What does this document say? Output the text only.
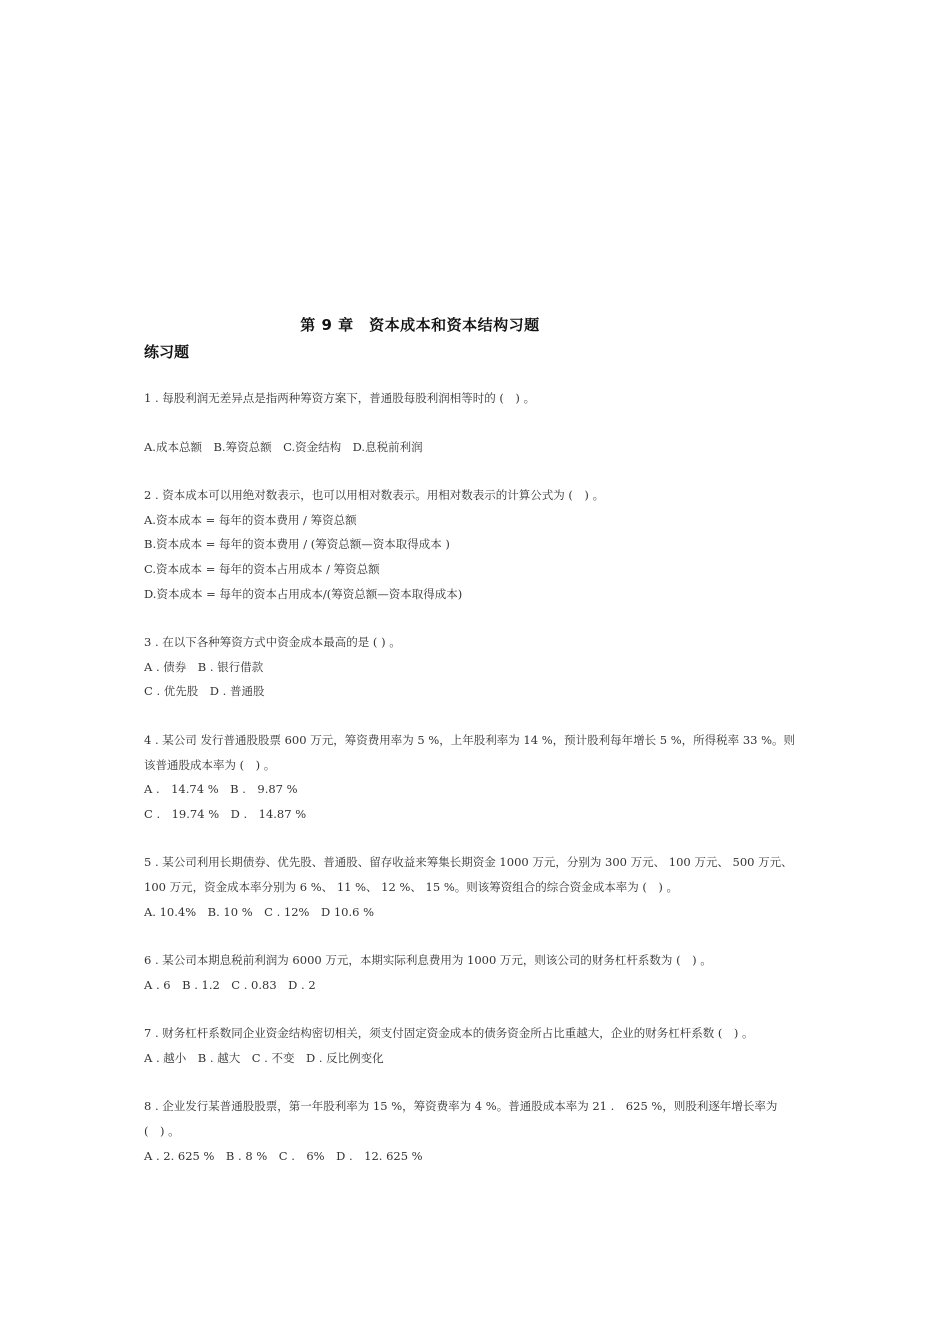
第 9 章　资本成本和资本结构习题
练习题
1 . 每股利润无差异点是指两种筹资方案下，普通股每股利润相等时的 (　) 。
A.成本总额　B.筹资总额　C.资金结构　D.息税前利润
2 . 资本成本可以用绝对数表示，也可以用相对数表示。用相对数表示的计算公式为 (　) 。
A.资本成本 = 每年的资本费用 / 筹资总额
B.资本成本 = 每年的资本费用 / (筹资总额—资本取得成本 )
C.资本成本 = 每年的资本占用成本 / 筹资总额
D.资本成本 = 每年的资本占用成本/(筹资总额—资本取得成本)
3 . 在以下各种筹资方式中资金成本最高的是 ( ) 。
A . 债券　B . 银行借款
C . 优先股　D . 普通股
4 . 某公司 发行普通股股票 600 万元，筹资费用率为 5 %，上年股利率为 14 %，预计股利每年增长 5 %，所得税率 33 %。则该普通股成本率为 (　) 。
A .　14.74 %　B .　9.87 %
C .　19.74 %　D .　14.87 %
5 . 某公司利用长期债券、优先股、普通股、留存收益来筹集长期资金 1000 万元，分别为 300 万元、 100 万元、 500 万元、 100 万元，资金成本率分别为 6 %、 11 %、 12 %、 15 %。则该筹资组合的综合资金成本率为 (　) 。
A. 10.4%　B. 10 %　C . 12%　D 10.6 %
6 . 某公司本期息税前利润为 6000 万元，本期实际利息费用为 1000 万元，则该公司的财务杠杆系数为 (　) 。
A . 6　B . 1.2　C . 0.83　D . 2
7 . 财务杠杆系数同企业资金结构密切相关，须支付固定资金成本的债务资金所占比重越大，企业的财务杠杆系数 (　) 。
A . 越小　B . 越大　C . 不变　D . 反比例变化
8 . 企业发行某普通股股票，第一年股利率为 15 %，筹资费率为 4 %。普通股成本率为 21 .　625 %，则股利逐年增长率为 (　) 。
A . 2. 625 %　B . 8 %　C .　6%　D .　12. 625 %
